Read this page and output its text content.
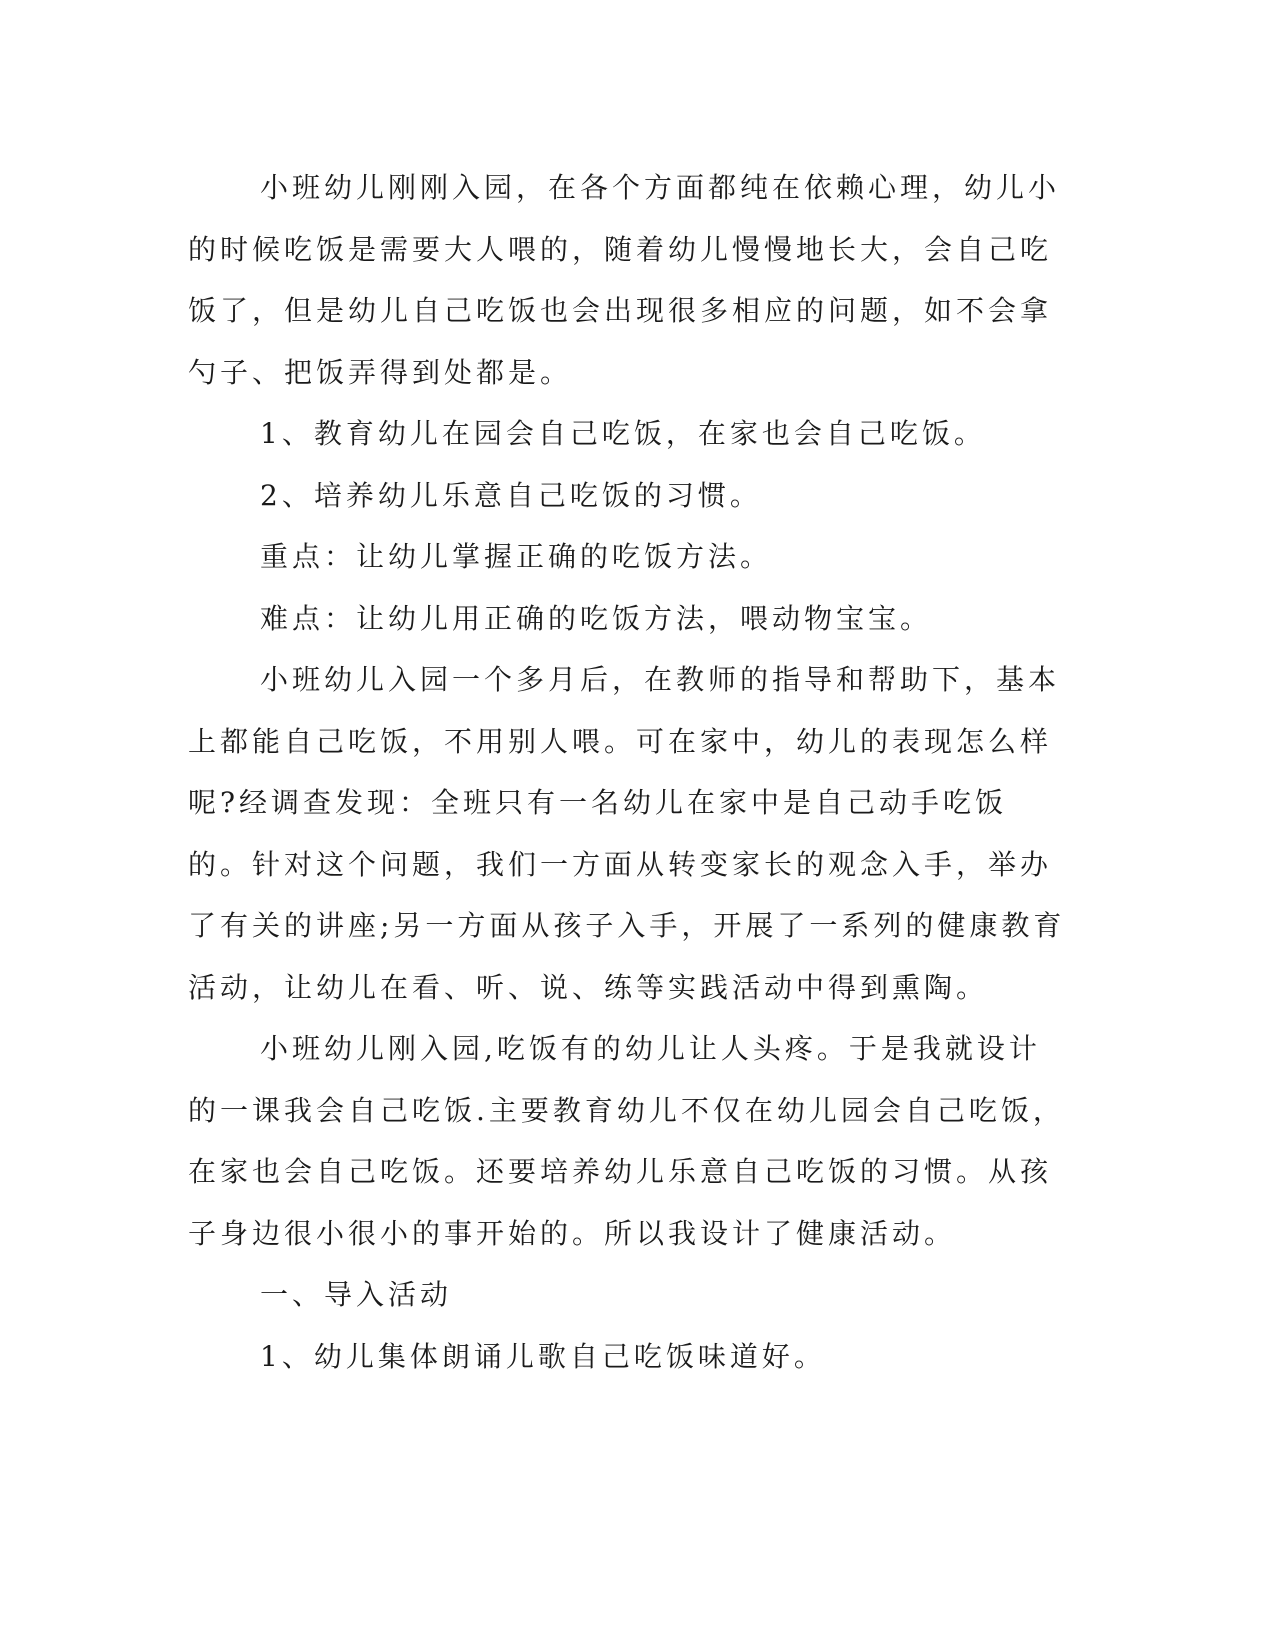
小班幼儿刚刚入园，在各个方面都纯在依赖心理，幼儿小的时候吃饭是需要大人喂的，随着幼儿慢慢地长大，会自己吃饭了，但是幼儿自己吃饭也会出现很多相应的问题，如不会拿勺子、把饭弄得到处都是。

1、教育幼儿在园会自己吃饭，在家也会自己吃饭。

2、培养幼儿乐意自己吃饭的习惯。

重点：让幼儿掌握正确的吃饭方法。

难点：让幼儿用正确的吃饭方法，喂动物宝宝。

小班幼儿入园一个多月后，在教师的指导和帮助下，基本上都能自己吃饭，不用别人喂。可在家中，幼儿的表现怎么样呢?经调查发现：全班只有一名幼儿在家中是自己动手吃饭的。针对这个问题，我们一方面从转变家长的观念入手，举办了有关的讲座;另一方面从孩子入手，开展了一系列的健康教育活动，让幼儿在看、听、说、练等实践活动中得到熏陶。

小班幼儿刚入园,吃饭有的幼儿让人头疼。于是我就设计的一课我会自己吃饭.主要教育幼儿不仅在幼儿园会自己吃饭，在家也会自己吃饭。还要培养幼儿乐意自己吃饭的习惯。从孩子身边很小很小的事开始的。所以我设计了健康活动。

一、导入活动

1、幼儿集体朗诵儿歌自己吃饭味道好。
